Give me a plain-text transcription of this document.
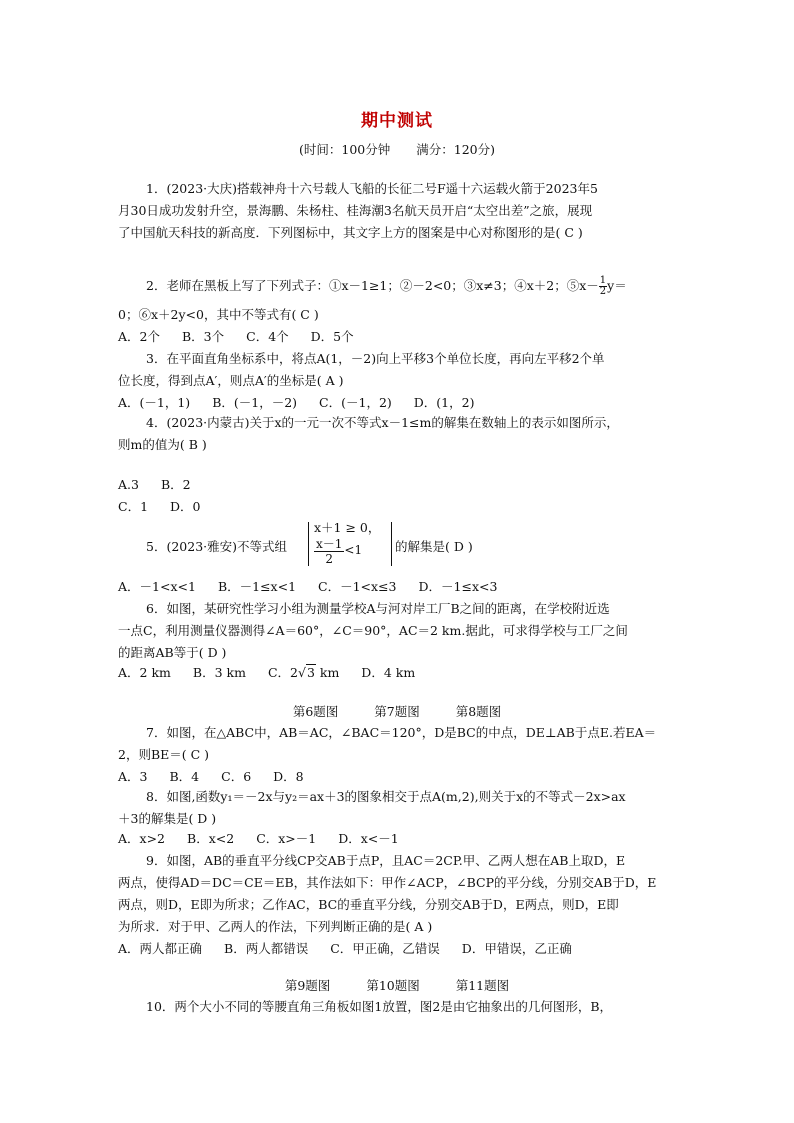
期中测试
(时间：100分钟 满分：120分)
1．(2023·大庆)搭载神舟十六号载人飞船的长征二号F遥十六运载火箭于2023年5
月30日成功发射升空，景海鹏、朱杨柱、桂海潮3名航天员开启“太空出差”之旅，展现
了中国航天科技的新高度．下列图标中，其文字上方的图案是中心对称图形的是( C )
2．老师在黑板上写了下列式子：①x－1≥1；②－2<0；③x≠3；④x＋2；⑤x－ $\frac{1}{2} y=$
0；⑥x＋2y<0，其中不等式有( C )
A．2个 B．3个 C．4个 D．5个
3．在平面直角坐标系中，将点A(1，－2)向上平移3个单位长度，再向左平移2个单
位长度，得到点A′，则点A′的坐标是( A )
A．(－1，1) B．(－1，－2) C．(－1，2) D．(1，2)
4．(2023·内蒙古)关于x的一元一次不等式x－1≤m的解集在数轴上的表示如图所示，
则m的值为( B )
A.3 B．2
C．1 D．0
5．(2023·雅安)不等式组
x＋1 ≥ 0，
$\frac{x-1}{2} <1$	的解集是( D )
A．－1<x<1 B．－1≤x<1 C．－1<x≤3 D．－1≤x<3
6．如图，某研究性学习小组为测量学校A与河对岸工厂B之间的距离，在学校附近选
一点C，利用测量仪器测得∠A＝60°，∠C＝90°，AC＝2 km.据此，可求得学校与工厂之间
的距离AB等于( D )
A．2 km B．3 km C．2√3 km D．4 km
第6题图	第7题图	第8题图
7．如图，在△ABC中，AB＝AC，∠BAC＝120°，D是BC的中点，DE⊥AB于点E.若EA＝
2，则BE＝( C )
A．3 B．4 C．6 D．8
8．如图,函数y₁＝－2x与y₂＝ax＋3的图象相交于点A(m,2),则关于x的不等式－2x>ax
＋3的解集是( D )
A．x>2 B．x<2 C．x>－1 D．x<－1
9．如图，AB的垂直平分线CP交AB于点P，且AC＝2CP.甲、乙两人想在AB上取D，E
两点，使得AD＝DC＝CE＝EB，其作法如下：甲作∠ACP，∠BCP的平分线，分别交AB于D，E
两点，则D，E即为所求；乙作AC，BC的垂直平分线，分别交AB于D，E两点，则D，E即
为所求．对于甲、乙两人的作法，下列判断正确的是( A )
A．两人都正确 B．两人都错误 C．甲正确，乙错误 D．甲错误，乙正确
第9题图	第10题图	第11题图
10．两个大小不同的等腰直角三角板如图1放置，图2是由它抽象出的几何图形，B，
